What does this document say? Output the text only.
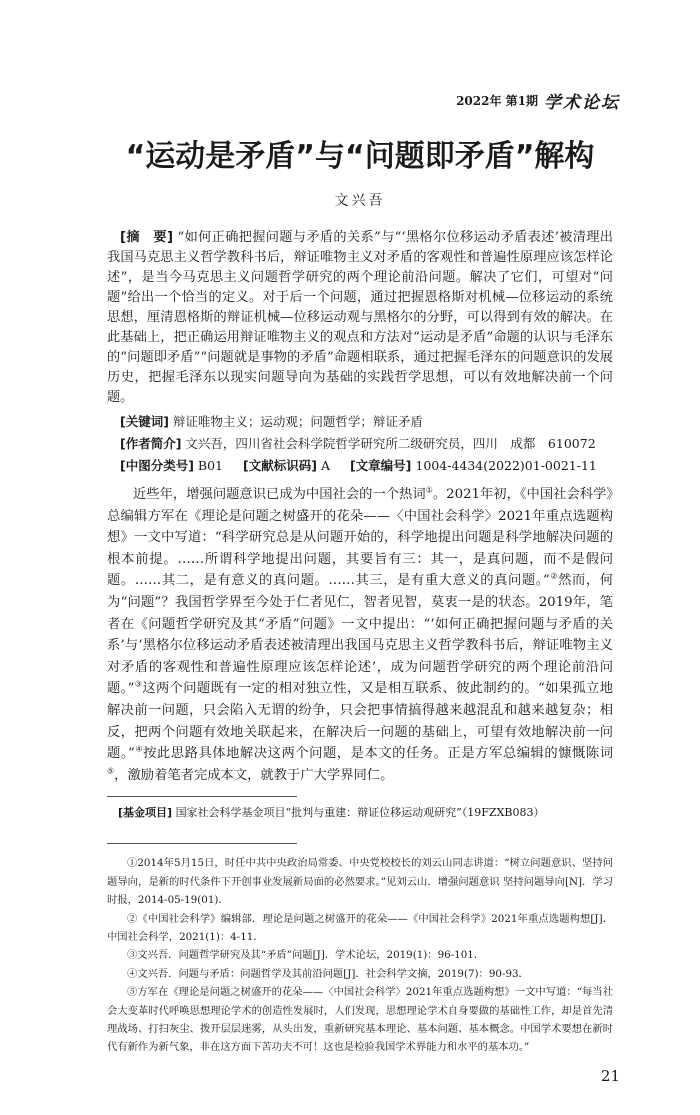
2022年 第1期 学术论坛
“运动是矛盾”与“问题即矛盾”解构
文兴吾
[摘　要] “如何正确把握问题与矛盾的关系”与“‘黑格尔位移运动矛盾表述’被清理出我国马克思主义哲学教科书后，辩证唯物主义对矛盾的客观性和普遍性原理应该怎样论述”，是当今马克思主义问题哲学研究的两个理论前沿问题。解决了它们，可望对“问题”给出一个恰当的定义。对于后一个问题，通过把握恩格斯对机械—位移运动的系统思想，厘清恩格斯的辩证机械—位移运动观与黑格尔的分野，可以得到有效的解决。在此基础上，把正确运用辩证唯物主义的观点和方法对“运动是矛盾”命题的认识与毛泽东的“问题即矛盾”“问题就是事物的矛盾”命题相联系，通过把握毛泽东的问题意识的发展历史，把握毛泽东以现实问题导向为基础的实践哲学思想，可以有效地解决前一个问题。
[关键词] 辩证唯物主义；运动观；问题哲学；辩证矛盾
[作者简介] 文兴吾，四川省社会科学院哲学研究所二级研究员，四川　成都　610072
[中图分类号] B01 [文献标识码] A [文章编号] 1004-4434(2022)01-0021-11
近些年，增强问题意识已成为中国社会的一个热词①。2021年初，《中国社会科学》总编辑方军在《理论是问题之树盛开的花朵——〈中国社会科学〉2021年重点选题构想》一文中写道：“科学研究总是从问题开始的，科学地提出问题是科学地解决问题的根本前提。……所谓科学地提出问题，其要旨有三：其一，是真问题，而不是假问题。……其二，是有意义的真问题。……其三，是有重大意义的真问题。”②然而，何为“问题”？我国哲学界至今处于仁者见仁，智者见智，莫衷一是的状态。2019年，笔者在《问题哲学研究及其“矛盾”问题》一文中提出：“‘如何正确把握问题与矛盾的关系’与‘黑格尔位移运动矛盾表述被清理出我国马克思主义哲学教科书后，辩证唯物主义对矛盾的客观性和普遍性原理应该怎样论述’，成为问题哲学研究的两个理论前沿问题。”③这两个问题既有一定的相对独立性，又是相互联系、彼此制约的。“如果孤立地解决前一问题，只会陷入无谓的纷争，只会把事情搞得越来越混乱和越来越复杂；相反，把两个问题有效地关联起来，在解决后一问题的基础上，可望有效地解决前一问题。”④按此思路具体地解决这两个问题，是本文的任务。正是方军总编辑的慷慨陈词⑤，激励着笔者完成本文，就教于广大学界同仁。
[基金项目] 国家社会科学基金项目“批判与重建：辩证位移运动观研究”（19FZXB083）

①2014年5月15日，时任中共中央政治局常委、中央党校校长的刘云山同志讲道：“树立问题意识、坚持问题导向，是新的时代条件下开创事业发展新局面的必然要求。”见刘云山．增强问题意识 坚持问题导向[N]．学习时报，2014-05-19(01)．

②《中国社会科学》编辑部．理论是问题之树盛开的花朵——《中国社会科学》2021年重点选题构想[J]．中国社会科学，2021(1)：4-11．

③文兴吾．问题哲学研究及其“矛盾”问题[J]．学术论坛，2019(1)：96-101．

④文兴吾．问题与矛盾：问题哲学及其前沿问题[J]．社会科学文摘，2019(7)：90-93．

⑤方军在《理论是问题之树盛开的花朵——〈中国社会科学〉2021年重点选题构想》一文中写道：“每当社会大变革时代呼唤思想理论学术的创造性发展时，人们发现，思想理论学术自身要做的基础性工作，却是首先清理战场、打扫灰尘、拨开层层迷雾，从头出发，重新研究基本理论、基本问题、基本概念。中国学术要想在新时代有新作为新气象，非在这方面下苦功夫不可！这也是检验我国学术界能力和水平的基本功。”

21
